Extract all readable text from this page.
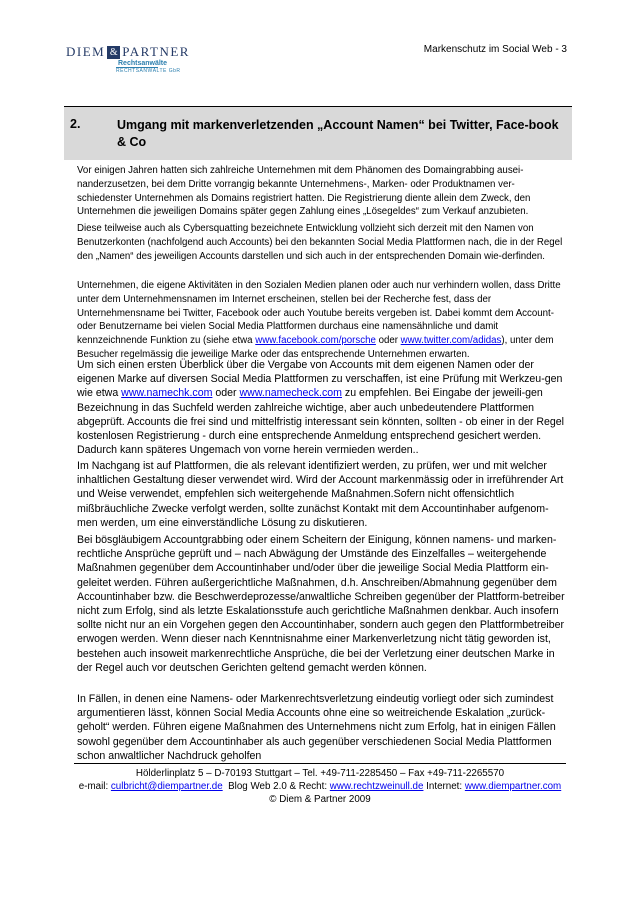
DIEM & PARTNER
Rechtsanwälte
RECHTSANWÄLTE GbR
Markenschutz im Social Web - 3
2.	Umgang mit markenverletzenden „Account Namen“ bei Twitter, Face-book & Co
Vor einigen Jahren hatten sich zahlreiche Unternehmen mit dem Phänomen des Domaingrabbing ausei-nanderzusetzen, bei dem Dritte vorrangig bekannte Unternehmens-, Marken- oder Produktnamen ver-schiedenster Unternehmen als Domains registriert hatten. Die Registrierung diente allein dem Zweck, den Unternehmen die jeweiligen Domains später gegen Zahlung eines „Lösegeldes“ zum Verkauf anzubieten.
Diese teilweise auch als Cybersquatting bezeichnete Entwicklung vollzieht sich derzeit mit den Namen von Benutzerkonten (nachfolgend auch Accounts) bei den bekannten Social Media Plattformen nach, die in der Regel den „Namen“ des jeweiligen Accounts darstellen und sich auch in der entsprechenden Domain wie-derfinden.
Unternehmen, die eigene Aktivitäten in den Sozialen Medien planen oder auch nur verhindern wollen, dass Dritte unter dem Unternehmensnamen im Internet erscheinen, stellen bei der Recherche fest, dass der Unternehmensname bei Twitter, Facebook oder auch Youtube bereits vergeben ist. Dabei kommt dem Account- oder Benutzername bei vielen Social Media Plattformen durchaus eine namensähnliche und damit kennzeichnende Funktion zu (siehe etwa www.facebook.com/porsche oder www.twitter.com/adidas), unter dem Besucher regelmässig die jeweilige Marke oder das entsprechende Unternehmen erwarten.
Um sich einen ersten Überblick über die Vergabe von Accounts mit dem eigenen Namen oder der eigenen Marke auf diversen Social Media Plattformen zu verschaffen, ist eine Prüfung mit Werkzeu-gen wie etwa www.namechk.com oder www.namecheck.com zu empfehlen. Bei Eingabe der jeweili-gen Bezeichnung in das Suchfeld werden zahlreiche wichtige, aber auch unbedeutendere Plattformen abgeprüft. Accounts die frei sind und mittelfristig interessant sein könnten, sollten - ob einer in der Regel kostenlosen Registrierung - durch eine entsprechende Anmeldung entsprechend gesichert werden. Dadurch kann späteres Ungemach von vorne herein vermieden werden..
Im Nachgang ist auf Plattformen, die als relevant identifiziert werden, zu prüfen, wer und mit welcher inhaltlichen Gestaltung dieser verwendet wird. Wird der Account markenmässig oder in irreführender Art und Weise verwendet, empfehlen sich weitergehende Maßnahmen.Sofern nicht offensichtlich mißbräuchliche Zwecke verfolgt werden, sollte zunächst Kontakt mit dem Accountinhaber aufgenom-men werden, um eine einverständliche Lösung zu diskutieren.
Bei bösgläubigem Accountgrabbing oder einem Scheitern der Einigung, können namens- und marken-rechtliche Ansprüche geprüft und – nach Abwägung der Umstände des Einzelfalles – weitergehende Maßnahmen gegenüber dem Accountinhaber und/oder über die jeweilige Social Media Plattform ein-geleitet werden. Führen außergerichtliche Maßnahmen, d.h. Anschreiben/Abmahnung gegenüber dem Accountinhaber bzw. die Beschwerdeprozesse/anwaltliche Schreiben gegenüber der Plattform-betreiber nicht zum Erfolg, sind als letzte Eskalationsstufe auch gerichtliche Maßnahmen denkbar. Auch insofern sollte nicht nur an ein Vorgehen gegen den Accountinhaber, sondern auch gegen den Plattformbetreiber erwogen werden. Wenn dieser nach Kenntnisnahme einer Markenverletzung nicht tätig geworden ist, bestehen auch insoweit markenrechtliche Ansprüche, die bei der Verletzung einer deutschen Marke in der Regel auch vor deutschen Gerichten geltend gemacht werden können.
In Fällen, in denen eine Namens- oder Markenrechtsverletzung eindeutig vorliegt oder sich zumindest argumentieren lässt, können Social Media Accounts ohne eine so weitreichende Eskalation „zurück-geholt“ werden. Führen eigene Maßnahmen des Unternehmens nicht zum Erfolg, hat in einigen Fällen sowohl gegenüber dem Accountinhaber als auch gegenüber verschiedenen Social Media Plattformen schon anwaltlicher Nachdruck geholfen
Hölderlinplatz 5 – D-70193 Stuttgart – Tel. +49-711-2285450 – Fax +49-711-2265570
e-mail: culbricht@diempartner.de  Blog Web 2.0 & Recht: www.rechtzweinull.de Internet: www.diempartner.com
© Diem & Partner 2009
